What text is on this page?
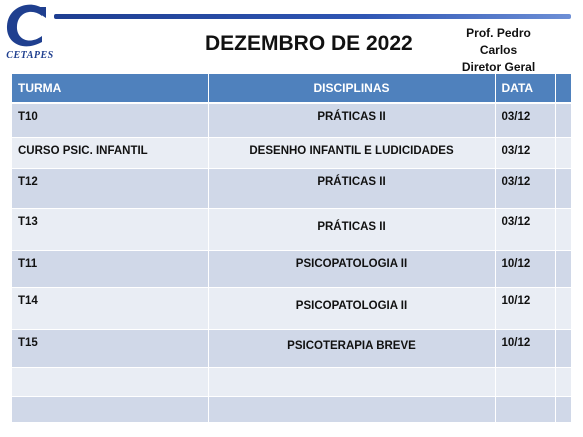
CETAPES
DEZEMBRO DE 2022	Prof. Pedro Carlos
Diretor Geral
TURMA	DISCIPLINAS	DATA	
T10	PRÁTICAS II	03/12	
CURSO PSIC. INFANTIL	DESENHO INFANTIL E LUDICIDADES	03/12	
T12	PRÁTICAS II	03/12	
T13	PRÁTICAS II	03/12	
T11	PSICOPATOLOGIA II	10/12	
T14	PSICOPATOLOGIA II	10/12	
T15	PSICOTERAPIA BREVE	10/12	
